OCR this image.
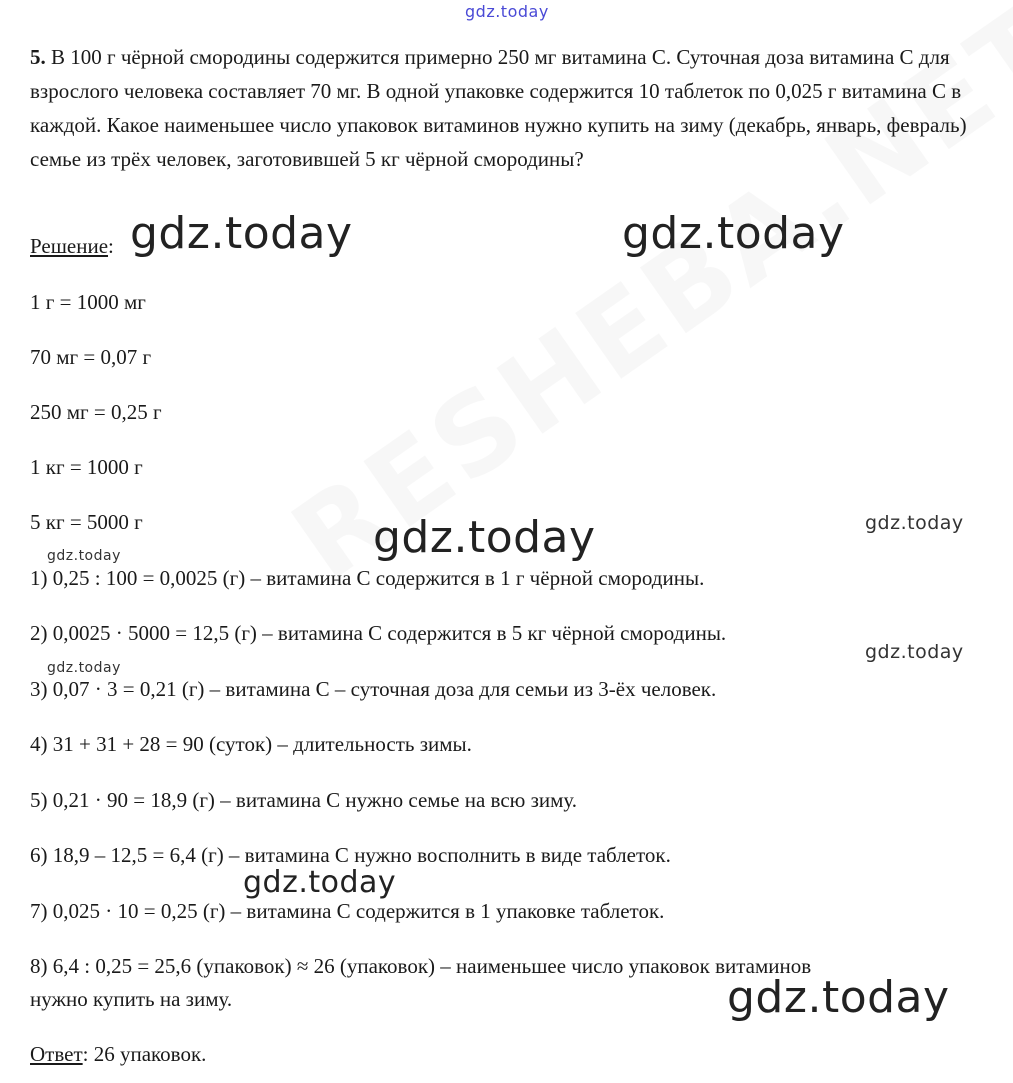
gdz.today

5. В 100 г чёрной смородины содержится примерно 250 мг витамина С. Суточная доза витамина С для взрослого человека составляет 70 мг. В одной упаковке содержится 10 таблеток по 0,025 г витамина С в каждой. Какое наименьшее число упаковок витаминов нужно купить на зиму (декабрь, январь, февраль) семье из трёх человек, заготовившей 5 кг чёрной смородины?

Решение:
1 г = 1000 мг
70 мг = 0,07 г
250 мг = 0,25 г
1 кг = 1000 г
5 кг = 5000 г
1) 0,25 : 100 = 0,0025 (г) – витамина С содержится в 1 г чёрной смородины.
2) 0,0025 · 5000 = 12,5 (г) – витамина С содержится в 5 кг чёрной смородины.
3) 0,07 · 3 = 0,21 (г) – витамина С – суточная доза для семьи из 3-ёх человек.
4) 31 + 31 + 28 = 90 (суток) – длительность зимы.
5) 0,21 · 90 = 18,9 (г) – витамина С нужно семье на всю зиму.
6) 18,9 – 12,5 = 6,4 (г) – витамина С нужно восполнить в виде таблеток.
7) 0,025 · 10 = 0,25 (г) – витамина С содержится в 1 упаковке таблеток.
8) 6,4 : 0,25 = 25,6 (упаковок) ≈ 26 (упаковок) – наименьшее число упаковок витаминов
нужно купить на зиму.
Ответ: 26 упаковок.
gdz.today	gdz.today
gdz.today
gdz.today
gdz.today
gdz.today
gdz.today
gdz.today
gdz.today
